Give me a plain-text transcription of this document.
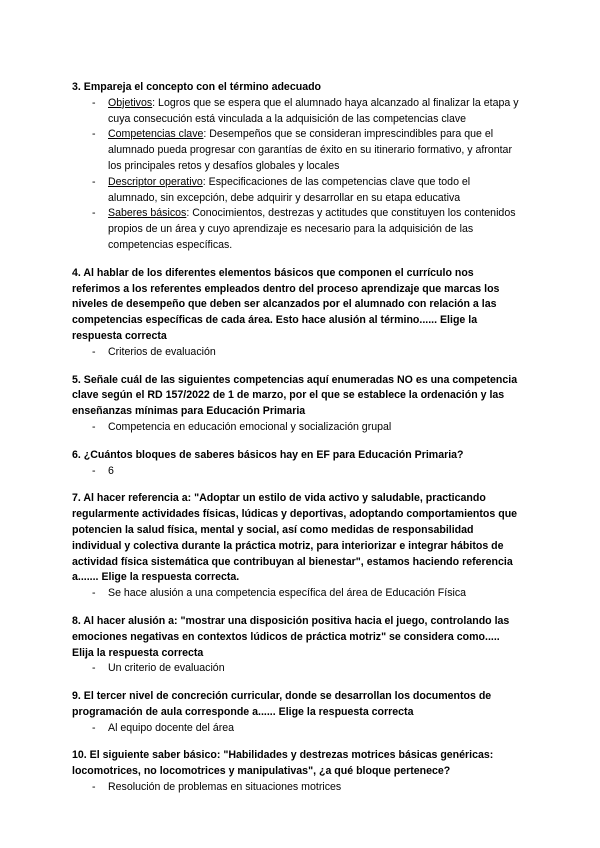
3. Empareja el concepto con el término adecuado

- Objetivos: Logros que se espera que el alumnado haya alcanzado al finalizar la etapa y cuya consecución está vinculada a la adquisición de las competencias clave
- Competencias clave: Desempeños que se consideran imprescindibles para que el alumnado pueda progresar con garantías de éxito en su itinerario formativo, y afrontar los principales retos y desafíos globales y locales
- Descriptor operativo: Especificaciones de las competencias clave que todo el alumnado, sin excepción, debe adquirir y desarrollar en su etapa educativa
- Saberes básicos: Conocimientos, destrezas y actitudes que constituyen los contenidos propios de un área y cuyo aprendizaje es necesario para la adquisición de las competencias específicas.

4. Al hablar de los diferentes elementos básicos que componen el currículo nos referimos a los referentes empleados dentro del proceso aprendizaje que marcas los niveles de desempeño que deben ser alcanzados por el alumnado con relación a las competencias específicas de cada área. Esto hace alusión al término...... Elige la respuesta correcta

- Criterios de evaluación

5. Señale cuál de las siguientes competencias aquí enumeradas NO es una competencia clave según el RD 157/2022 de 1 de marzo, por el que se establece la ordenación y las enseñanzas mínimas para Educación Primaria

- Competencia en educación emocional y socialización grupal

6. ¿Cuántos bloques de saberes básicos hay en EF para Educación Primaria?

- 6

7. Al hacer referencia a: "Adoptar un estilo de vida activo y saludable, practicando regularmente actividades físicas, lúdicas y deportivas, adoptando comportamientos que potencien la salud física, mental y social, así como medidas de responsabilidad individual y colectiva durante la práctica motriz, para interiorizar e integrar hábitos de actividad física sistemática que contribuyan al bienestar", estamos haciendo referencia a....... Elige la respuesta correcta.

- Se hace alusión a una competencia específica del área de Educación Física

8. Al hacer alusión a: "mostrar una disposición positiva hacia el juego, controlando las emociones negativas en contextos lúdicos de práctica motriz" se considera como..... Elija la respuesta correcta

- Un criterio de evaluación

9. El tercer nivel de concreción curricular, donde se desarrollan los documentos de programación de aula corresponde a...... Elige la respuesta correcta

- Al equipo docente del área

10. El siguiente saber básico: "Habilidades y destrezas motrices básicas genéricas: locomotrices, no locomotrices y manipulativas", ¿a qué bloque pertenece?

- Resolución de problemas en situaciones motrices
